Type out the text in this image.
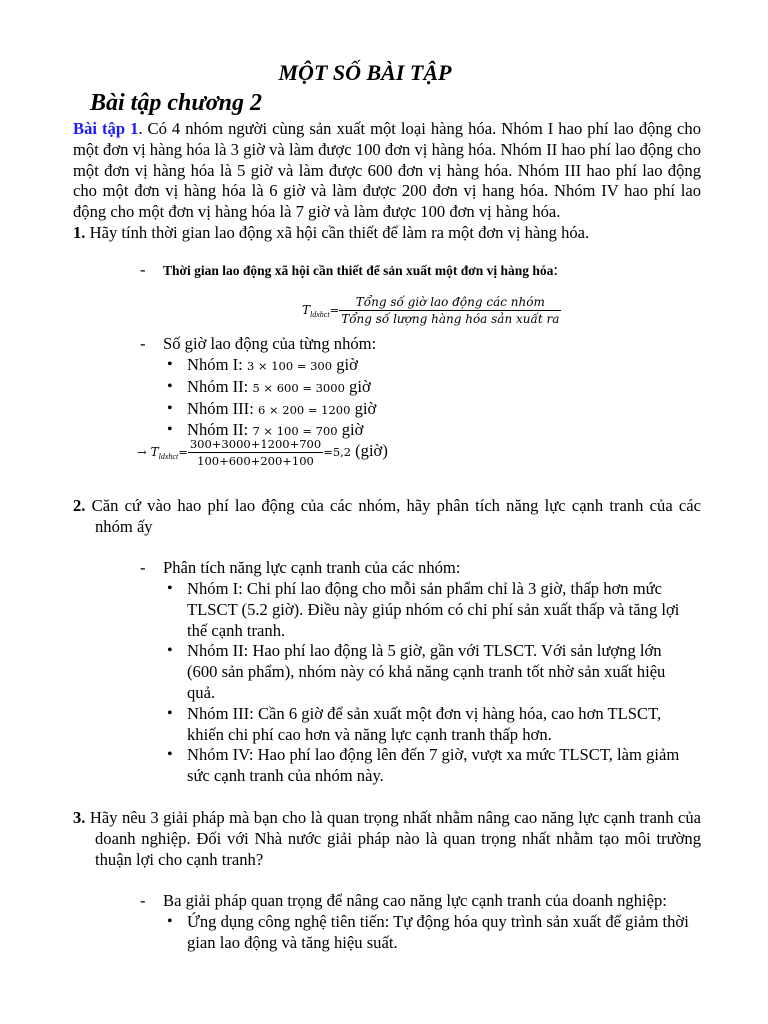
MỘT SỐ BÀI TẬP
Bài tập chương 2
Bài tập 1. Có 4 nhóm người cùng sản xuất một loại hàng hóa. Nhóm I hao phí lao động cho một đơn vị hàng hóa là 3 giờ và làm được 100 đơn vị hàng hóa. Nhóm II hao phí lao động cho một đơn vị hàng hóa là 5 giờ và làm được 600 đơn vị hàng hóa. Nhóm III hao phí lao động cho một đơn vị hàng hóa là 6 giờ và làm được 200 đơn vị hang hóa. Nhóm IV hao phí lao động cho một đơn vị hàng hóa là 7 giờ và làm được 100 đơn vị hàng hóa.
1. Hãy tính thời gian lao động xã hội cần thiết để làm ra một đơn vị hàng hóa.
- Thời gian lao động xã hội cần thiết để sản xuất một đơn vị hàng hóa:
$T_{ldxhct}= \frac{\text{Tổng số giờ lao động các nhóm}}{\text{Tổng số lượng hàng hóa sản xuất ra}}$
- Số giờ lao động của từng nhóm:
• Nhóm I: 3 × 100 = 300 giờ
• Nhóm II: 5 × 600 = 3000 giờ
• Nhóm III: 6 × 200 = 1200 giờ
• Nhóm II: 7 × 100 = 700 giờ
→ $T_{ldxhct}= \frac{300+3000+1200+700}{100+600+200+100} =5,2$ (giờ)
2. Căn cứ vào hao phí lao động của các nhóm, hãy phân tích năng lực cạnh tranh của các nhóm ấy
- Phân tích năng lực cạnh tranh của các nhóm:
• Nhóm I: Chi phí lao động cho mỗi sản phẩm chỉ là 3 giờ, thấp hơn mức TLSCT (5.2 giờ). Điều này giúp nhóm có chi phí sản xuất thấp và tăng lợi thế cạnh tranh.
• Nhóm II: Hao phí lao động là 5 giờ, gần với TLSCT. Với sản lượng lớn (600 sản phẩm), nhóm này có khả năng cạnh tranh tốt nhờ sản xuất hiệu quả.
• Nhóm III: Cần 6 giờ để sản xuất một đơn vị hàng hóa, cao hơn TLSCT, khiến chi phí cao hơn và năng lực cạnh tranh thấp hơn.
• Nhóm IV: Hao phí lao động lên đến 7 giờ, vượt xa mức TLSCT, làm giảm sức cạnh tranh của nhóm này.
3. Hãy nêu 3 giải pháp mà bạn cho là quan trọng nhất nhằm nâng cao năng lực cạnh tranh của doanh nghiệp. Đối với Nhà nước giải pháp nào là quan trọng nhất nhằm tạo môi trường thuận lợi cho cạnh tranh?
- Ba giải pháp quan trọng để nâng cao năng lực cạnh tranh của doanh nghiệp:
• Ứng dụng công nghệ tiên tiến: Tự động hóa quy trình sản xuất để giảm thời gian lao động và tăng hiệu suất.
